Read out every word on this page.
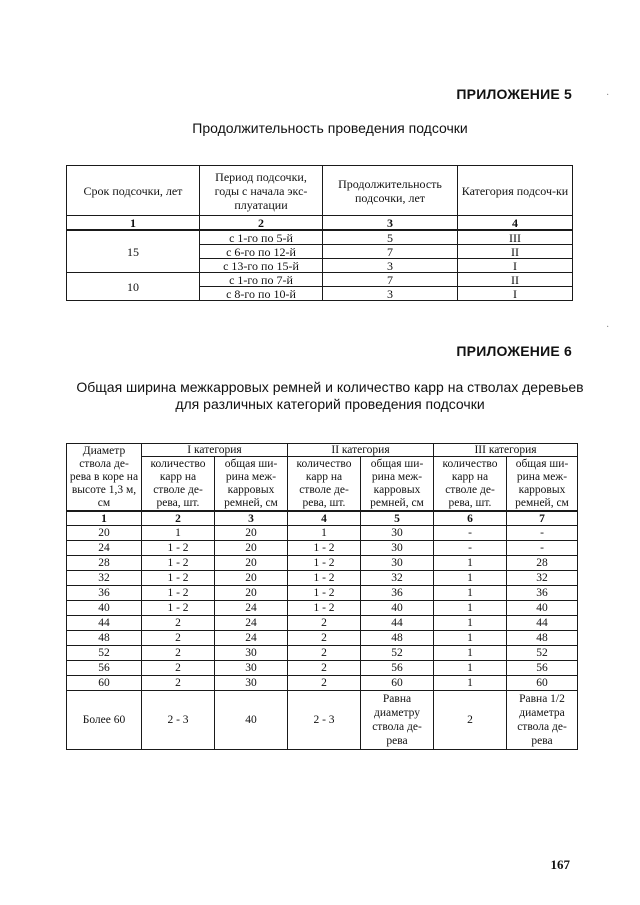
ПРИЛОЖЕНИЕ 5
Продолжительность проведения подсочки
Срок подсочки, лет	Период подсочки, годы с начала экс-плуатации	Продолжительность подсочки, лет	Категория подсоч-ки
1	2	3	4
15	с 1-го по 5-й	5	III
	с 6-го по 12-й	7	II
	с 13-го по 15-й	3	I
10	с 1-го по 7-й	7	II
	с 8-го по 10-й	3	I
ПРИЛОЖЕНИЕ 6
Общая ширина межкарровых ремней и количество карр на стволах деревьев
для различных категорий проведения подсочки
Диаметр ствола де-рева в коре на высоте 1,3 м, см	I категория		II категория		III категория	
	количество карр на стволе де-рева, шт.	общая ши-рина меж-карровых ремней, см	количество карр на стволе де-рева, шт.	общая ши-рина меж-карровых ремней, см	количество карр на стволе де-рева, шт.	общая ши-рина меж-карровых ремней, см
1	2	3	4	5	6	7
20	1	20	1	30	-	-
24	1 - 2	20	1 - 2	30	-	-
28	1 - 2	20	1 - 2	30	1	28
32	1 - 2	20	1 - 2	32	1	32
36	1 - 2	20	1 - 2	36	1	36
40	1 - 2	24	1 - 2	40	1	40
44	2	24	2	44	1	44
48	2	24	2	48	1	48
52	2	30	2	52	1	52
56	2	30	2	56	1	56
60	2	30	2	60	1	60
Более 60	2 - 3	40	2 - 3	Равна диаметру ствола де-рева	2	Равна 1/2 диаметра ствола де-рева
167
·
·
